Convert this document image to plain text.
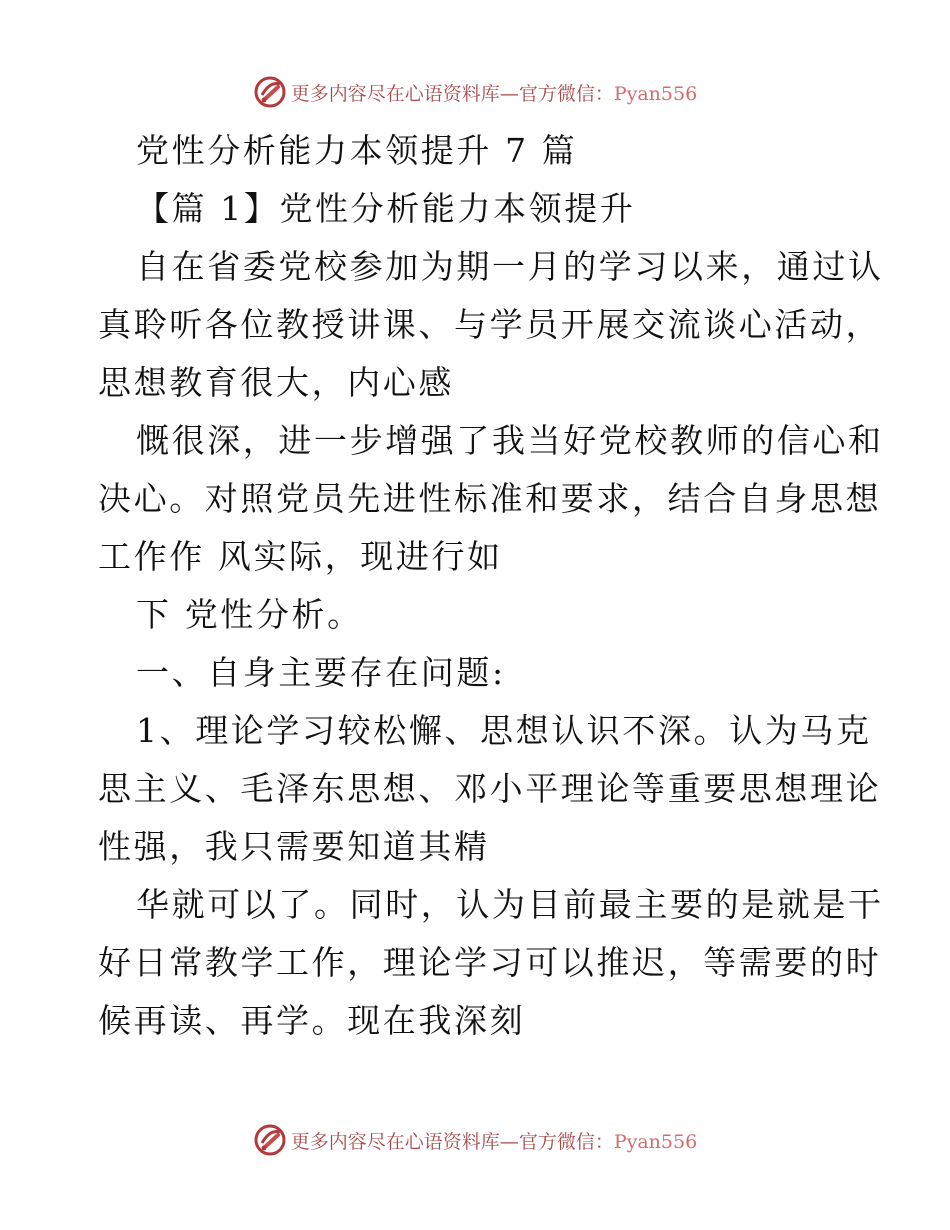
更多内容尽在心语资料库—官方微信：Pyan556
党性分析能力本领提升 7 篇
【篇 1】党性分析能力本领提升
自在省委党校参加为期一月的学习以来，通过认
真聆听各位教授讲课、与学员开展交流谈心活动，
思想教育很大，内心感
慨很深，进一步增强了我当好党校教师的信心和
决心。对照党员先进性标准和要求，结合自身思想
工作作 风实际，现进行如
下 党性分析。
一、自身主要存在问题:
1、理论学习较松懈、思想认识不深。认为马克
思主义、毛泽东思想、邓小平理论等重要思想理论
性强，我只需要知道其精
华就可以了。同时，认为目前最主要的是就是干
好日常教学工作，理论学习可以推迟，等需要的时
候再读、再学。现在我深刻
更多内容尽在心语资料库—官方微信：Pyan556
